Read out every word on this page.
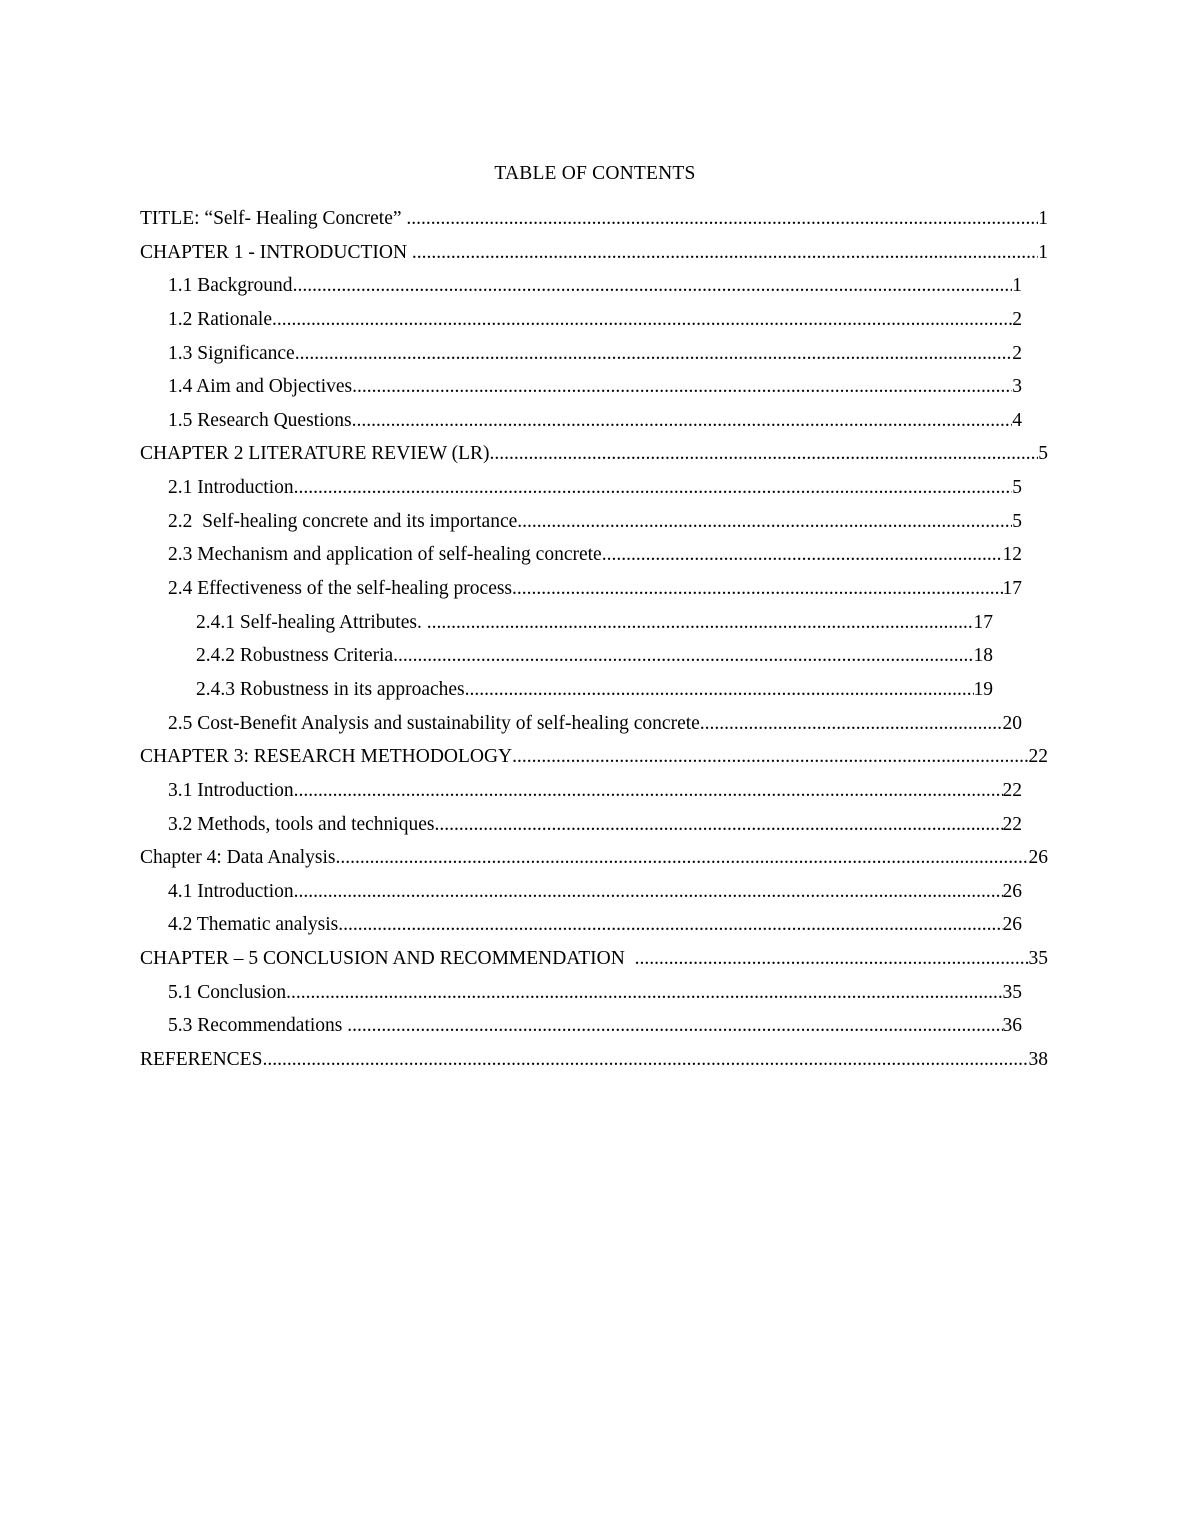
TABLE OF CONTENTS
TITLE: “Self- Healing Concrete” .....	1
CHAPTER 1 - INTRODUCTION .....	1
1.1 Background .....	1
1.2 Rationale .....	2
1.3 Significance .....	2
1.4 Aim and Objectives .....	3
1.5 Research Questions .....	4
CHAPTER 2 LITERATURE REVIEW (LR) .....	5
2.1 Introduction .....	5
2.2  Self-healing concrete and its importance .....	5
2.3 Mechanism and application of self-healing concrete .....	12
2.4 Effectiveness of the self-healing process .....	17
2.4.1 Self-healing Attributes. .....	17
2.4.2 Robustness Criteria .....	18
2.4.3 Robustness in its approaches .....	19
2.5 Cost-Benefit Analysis and sustainability of self-healing concrete .....	20
CHAPTER 3: RESEARCH METHODOLOGY .....	22
3.1 Introduction .....	22
3.2 Methods, tools and techniques .....	22
Chapter 4: Data Analysis .....	26
4.1 Introduction .....	26
4.2 Thematic analysis .....	26
CHAPTER – 5 CONCLUSION AND RECOMMENDATION .....	35
5.1 Conclusion .....	35
5.3 Recommendations .....	36
REFERENCES .....	38
